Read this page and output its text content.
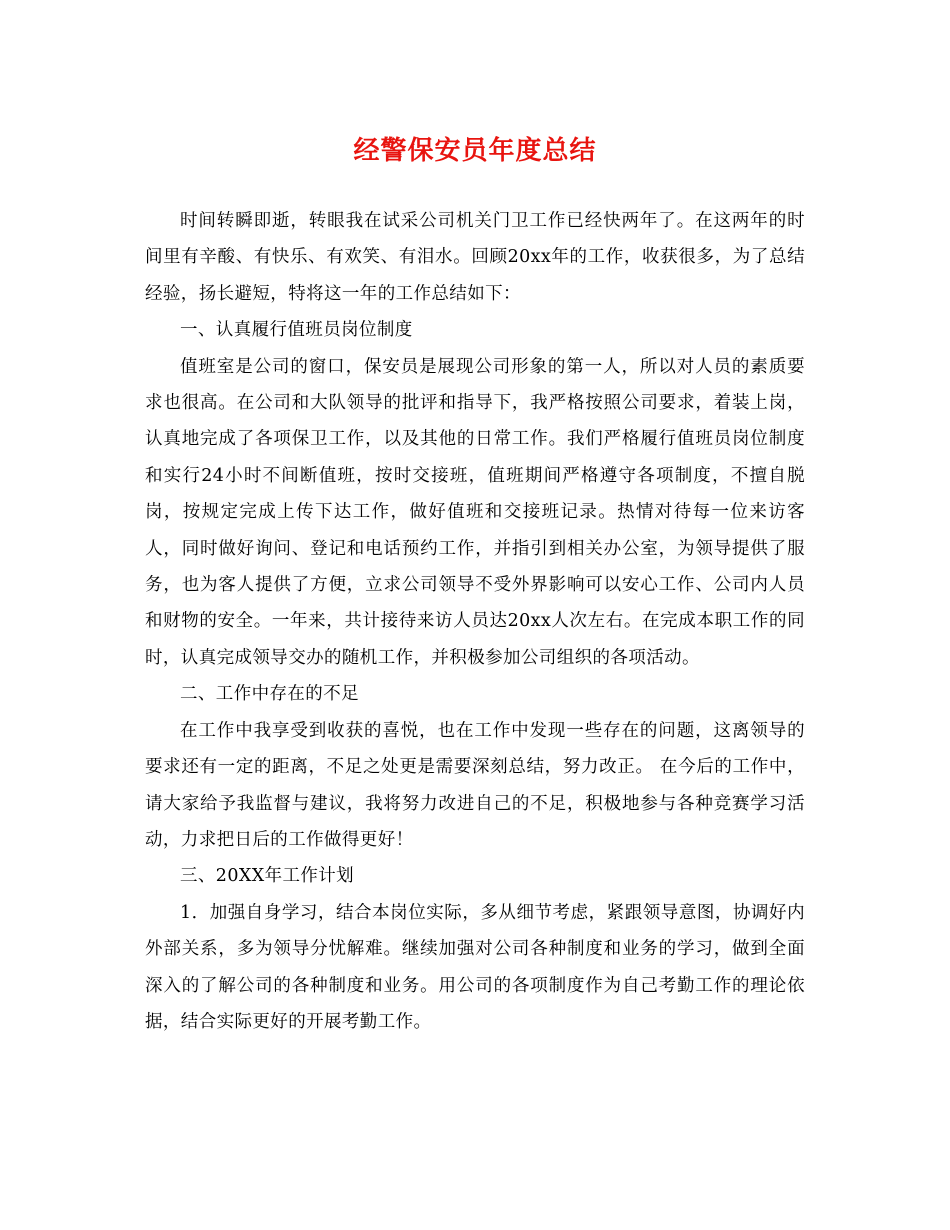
经警保安员年度总结

时间转瞬即逝，转眼我在试采公司机关门卫工作已经快两年了。在这两年的时间里有辛酸、有快乐、有欢笑、有泪水。回顾20xx年的工作，收获很多，为了总结经验，扬长避短，特将这一年的工作总结如下：

一、认真履行值班员岗位制度

值班室是公司的窗口，保安员是展现公司形象的第一人，所以对人员的素质要求也很高。在公司和大队领导的批评和指导下，我严格按照公司要求，着装上岗，认真地完成了各项保卫工作，以及其他的日常工作。我们严格履行值班员岗位制度和实行24小时不间断值班，按时交接班，值班期间严格遵守各项制度，不擅自脱岗，按规定完成上传下达工作，做好值班和交接班记录。热情对待每一位来访客人，同时做好询问、登记和电话预约工作，并指引到相关办公室，为领导提供了服务，也为客人提供了方便，立求公司领导不受外界影响可以安心工作、公司内人员和财物的安全。一年来，共计接待来访人员达20xx人次左右。在完成本职工作的同时，认真完成领导交办的随机工作，并积极参加公司组织的各项活动。

二、工作中存在的不足

在工作中我享受到收获的喜悦，也在工作中发现一些存在的问题，这离领导的要求还有一定的距离，不足之处更是需要深刻总结，努力改正。 在今后的工作中，请大家给予我监督与建议，我将努力改进自己的不足，积极地参与各种竞赛学习活动，力求把日后的工作做得更好！

三、20XX年工作计划

1．加强自身学习，结合本岗位实际，多从细节考虑，紧跟领导意图，协调好内外部关系，多为领导分忧解难。继续加强对公司各种制度和业务的学习，做到全面深入的了解公司的各种制度和业务。用公司的各项制度作为自己考勤工作的理论依据，结合实际更好的开展考勤工作。
